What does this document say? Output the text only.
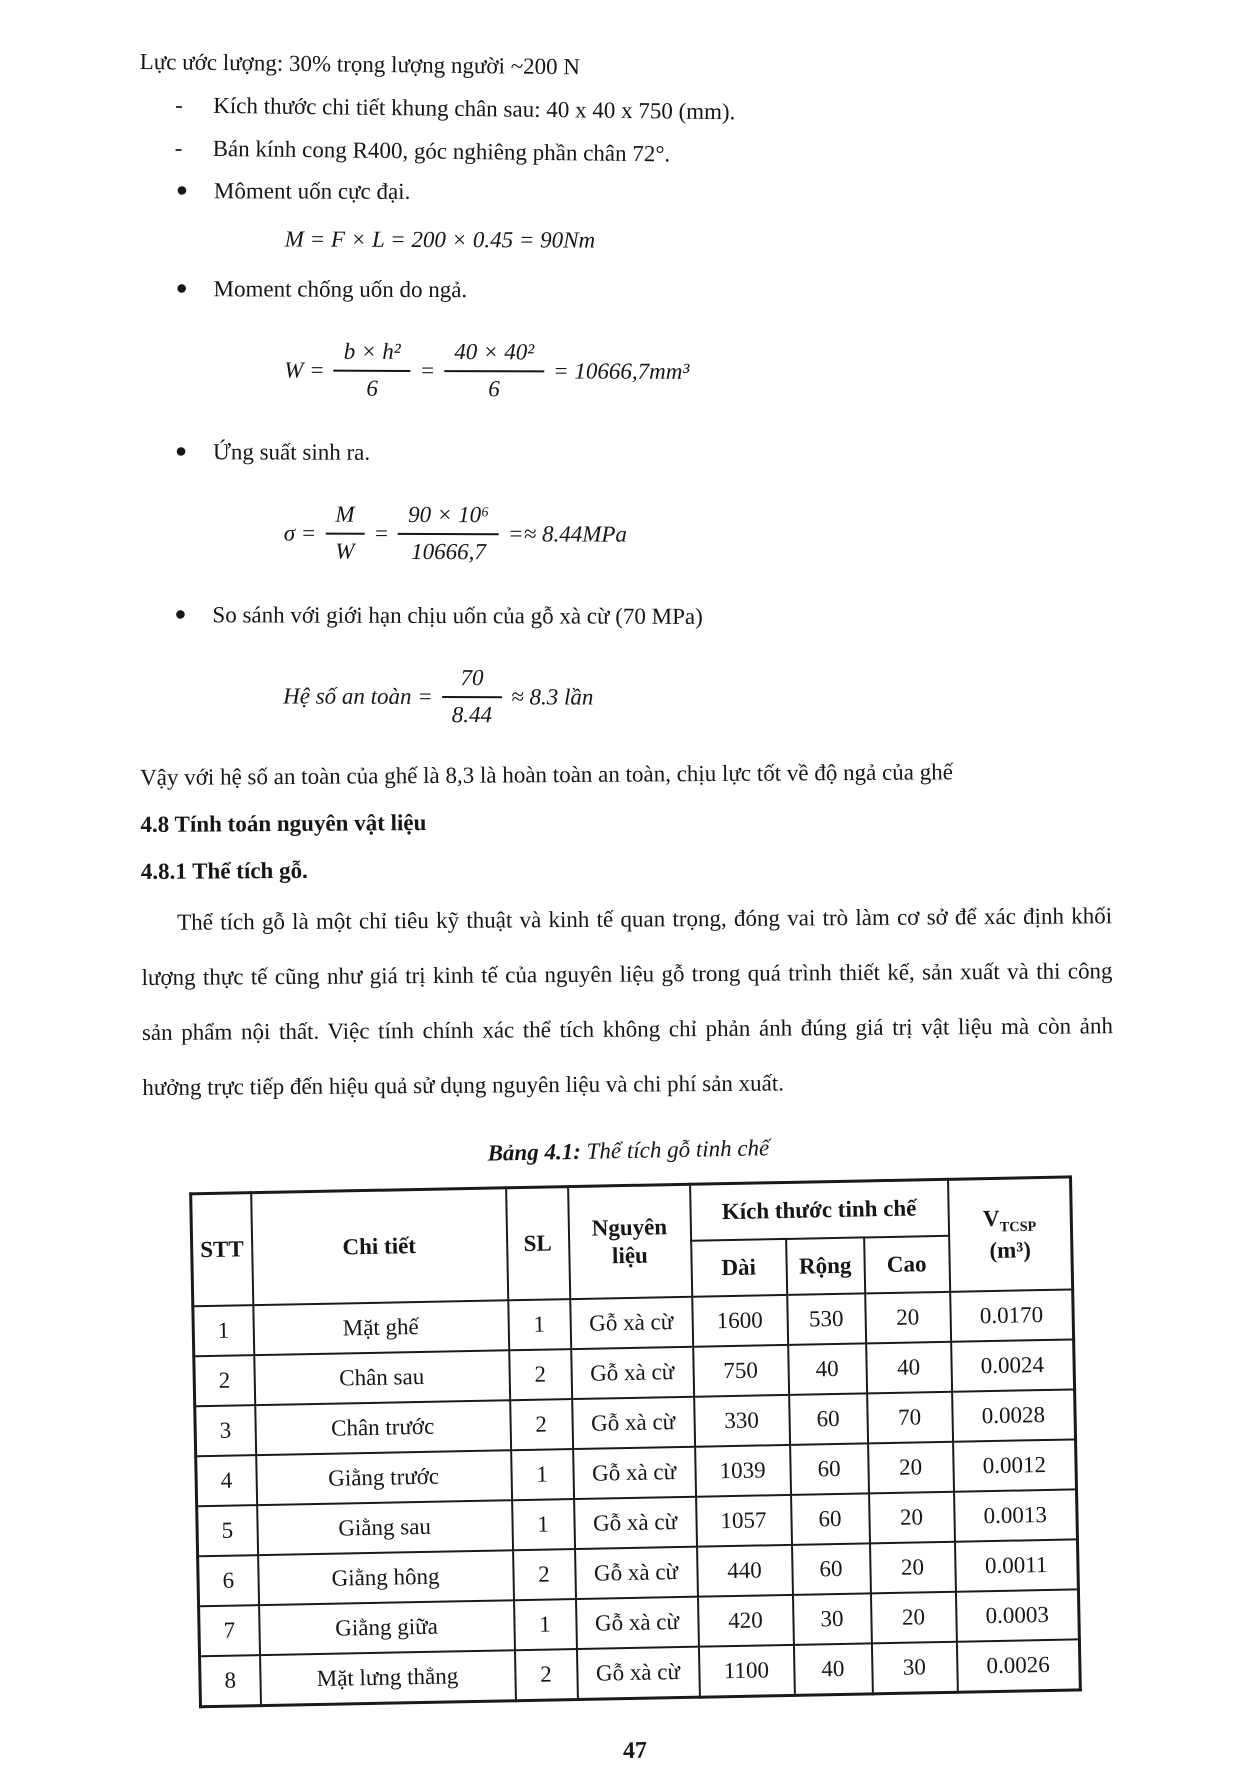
Lực ước lượng: 30% trọng lượng người ~200 N
-	Kích thước chi tiết khung chân sau: 40 x 40 x 750 (mm).
-	Bán kính cong R400, góc nghiêng phần chân 72°.
●	Môment uốn cực đại.
M = F × L = 200 × 0.45 = 90Nm
●	Moment chống uốn do ngả.
$W = \frac{\text{b × h²}}{6} = \frac{\text{40 × 40²}}{6} = 10666,7mm^3$
●	Ứng suất sinh ra.
$\sigma = \frac{M}{W} = \frac{\text{90 × 10⁶}}{10666,7} =\approx 8.44MPa$
●	So sánh với giới hạn chịu uốn của gỗ xà cừ (70 MPa)
Hệ số an toàn = $\frac{70}{8.44} \approx 8.3$ lần
Vậy với hệ số an toàn của ghế là 8,3 là hoàn toàn an toàn, chịu lực tốt về độ ngả của ghế
4.8 Tính toán nguyên vật liệu
4.8.1 Thể tích gỗ.
Thể tích gỗ là một chỉ tiêu kỹ thuật và kinh tế quan trọng, đóng vai trò làm cơ sở để xác định khối lượng thực tế cũng như giá trị kinh tế của nguyên liệu gỗ trong quá trình thiết kế, sản xuất và thi công sản phẩm nội thất. Việc tính chính xác thể tích không chỉ phản ánh đúng giá trị vật liệu mà còn ảnh hưởng trực tiếp đến hiệu quả sử dụng nguyên liệu và chi phí sản xuất.
Bảng 4.1: Thể tích gỗ tinh chế
STT	Chi tiết	SL	Nguyên liệu	Kích thước tinh chế			$V_{TCSP}$
(m³)
				Dài	Rộng	Cao	
1	Mặt ghế	1	Gỗ xà cừ	1600	530	20	0.0170
2	Chân sau	2	Gỗ xà cừ	750	40	40	0.0024
3	Chân trước	2	Gỗ xà cừ	330	60	70	0.0028
4	Giằng trước	1	Gỗ xà cừ	1039	60	20	0.0012
5	Giằng sau	1	Gỗ xà cừ	1057	60	20	0.0013
6	Giằng hông	2	Gỗ xà cừ	440	60	20	0.0011
7	Giằng giữa	1	Gỗ xà cừ	420	30	20	0.0003
8	Mặt lưng thẳng	2	Gỗ xà cừ	1100	40	30	0.0026
47
